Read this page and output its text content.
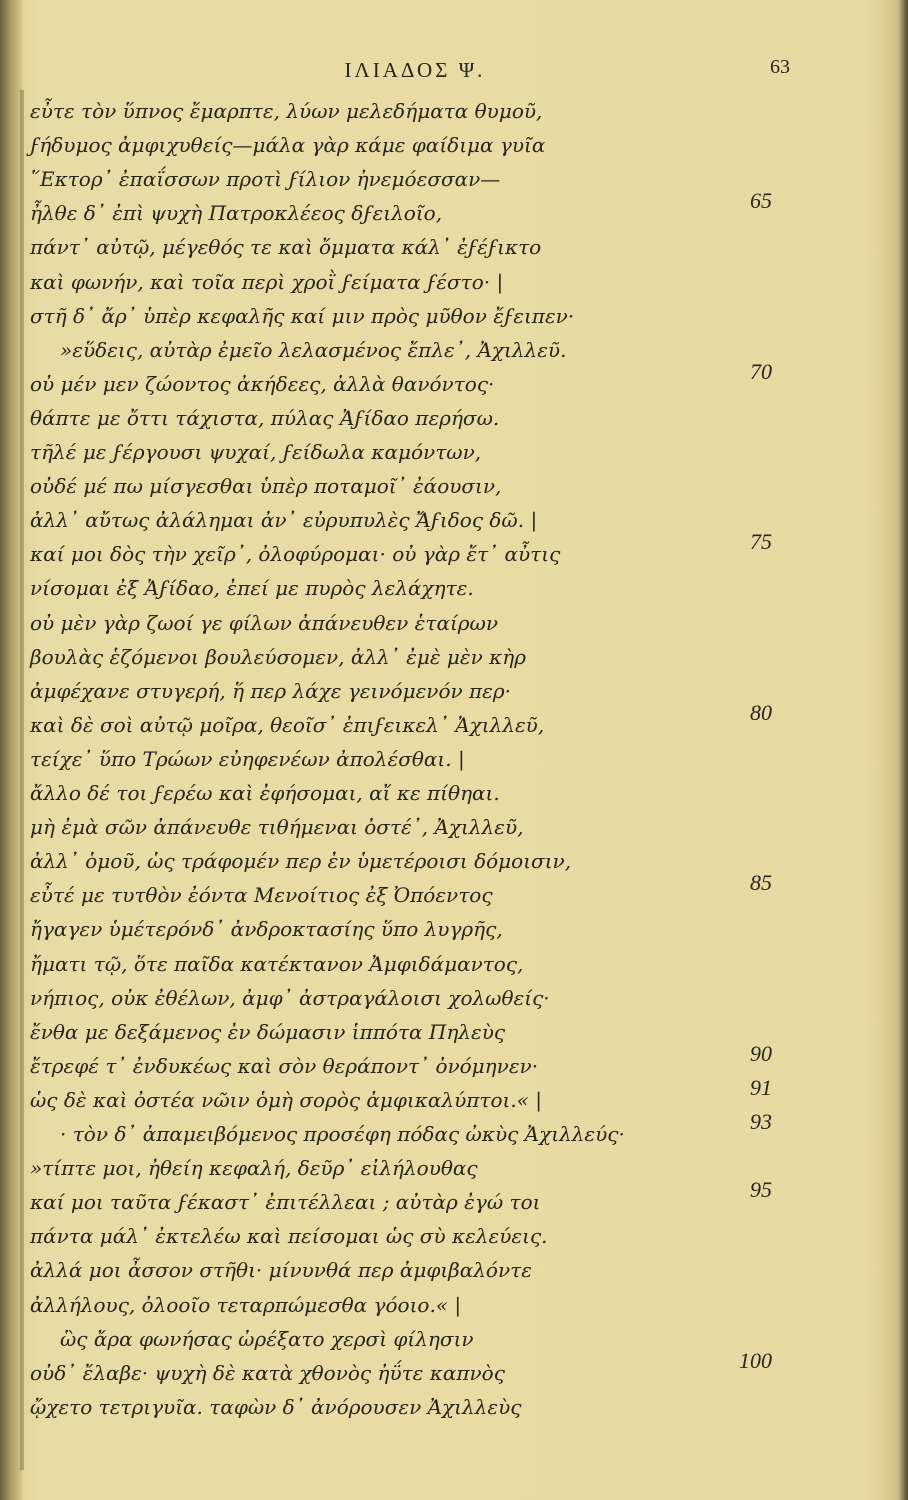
ΙΛΙΑΔΟΣ Ψ.	63
εὖτε τὸν ὕπνος ἔμαρπτε, λύων μελεδήματα θυμοῦ,
ϝήδυμος ἀμφιχυθείς—μάλα γὰρ κάμε φαίδιμα γυῖα
῞Εκτορ᾽ ἐπαΐσσων προτὶ ϝίλιον ἠνεμόεσσαν—
ἦλθε δ᾽ ἐπὶ ψυχὴ Πατροκλέεος δϝειλοῖο,	65
πάντ᾽ αὐτῷ, μέγεθός τε καὶ ὄμματα κάλ᾽ ἐϝέϝικτο
καὶ φωνήν, καὶ τοῖα περὶ χροῒ ϝείματα ϝέστο· |
στῆ δ᾽ ἄρ᾽ ὑπὲρ κεφαλῆς καί μιν πρὸς μῦθον ἔϝειπεν·
»εὕδεις, αὐτὰρ ἐμεῖο λελασμένος ἔπλε᾽, Ἀχιλλεῦ.
οὐ μέν μεν ζώοντος ἀκήδεες, ἀλλὰ θανόντος·	70
θάπτε με ὄττι τάχιστα, πύλας Ἀϝίδαο περήσω.
τῆλέ με ϝέργουσι ψυχαί, ϝείδωλα καμόντων,
οὐδέ μέ πω μίσγεσθαι ὑπὲρ ποταμοῖ᾽ ἐάουσιν,
ἀλλ᾽ αὔτως ἀλάλημαι ἀν᾽ εὐρυπυλὲς Ἄϝιδος δῶ. |
καί μοι δὸς τὴν χεῖρ᾽, ὀλοφύρομαι· οὐ γὰρ ἔτ᾽ αὖτις	75
νίσομαι ἐξ Ἀϝίδαο, ἐπεί με πυρὸς λελάχητε.
οὐ μὲν γὰρ ζωοί γε φίλων ἀπάνευθεν ἑταίρων
βουλὰς ἑζόμενοι βουλεύσομεν, ἀλλ᾽ ἐμὲ μὲν κὴρ
ἀμφέχανε στυγερή, ἥ περ λάχε γεινόμενόν περ·
καὶ δὲ σοὶ αὐτῷ μοῖρα, θεοῖσ᾽ ἐπιϝεικελ᾽ Ἀχιλλεῦ,	80
τείχε᾽ ὕπο Τρώων εὐηφενέων ἀπολέσθαι. |
ἄλλο δέ τοι ϝερέω καὶ ἐφήσομαι, αἴ κε πίθηαι.
μὴ ἐμὰ σῶν ἀπάνευθε τιθήμεναι ὀστέ᾽, Ἀχιλλεῦ,
ἀλλ᾽ ὁμοῦ, ὡς τράφομέν περ ἐν ὑμετέροισι δόμοισιν,
εὖτέ με τυτθὸν ἐόντα Μενοίτιος ἐξ Ὀπόεντος	85
ἤγαγεν ὑμέτερόνδ᾽ ἀνδροκτασίης ὕπο λυγρῆς,
ἤματι τῷ, ὅτε παῖδα κατέκτανον Ἀμφιδάμαντος,
νήπιος, οὐκ ἐθέλων, ἀμφ᾽ ἀστραγάλοισι χολωθείς·
ἔνθα με δεξάμενος ἐν δώμασιν ἱππότα Πηλεὺς
ἔτρεφέ τ᾽ ἐνδυκέως καὶ σὸν θεράποντ᾽ ὀνόμηνεν·	90
ὡς δὲ καὶ ὀστέα νῶιν ὁμὴ σορὸς ἀμφικαλύπτοι.« |	91
· τὸν δ᾽ ἀπαμειβόμενος προσέφη πόδας ὠκὺς Ἀχιλλεύς·	93
»τίπτε μοι, ἠθείη κεφαλή, δεῦρ᾽ εἰλήλουθας
καί μοι ταῦτα ϝέκαστ᾽ ἐπιτέλλεαι ; αὐτὰρ ἐγώ τοι	95
πάντα μάλ᾽ ἐκτελέω καὶ πείσομαι ὡς σὺ κελεύεις.
ἀλλά μοι ἆσσον στῆθι· μίνυνθά περ ἀμφιβαλόντε
ἀλλήλους, ὀλοοῖο τεταρπώμεσθα γόοιο.« |
ὣς ἄρα φωνήσας ὠρέξατο χερσὶ φίλησιν
οὐδ᾽ ἔλαβε· ψυχὴ δὲ κατὰ χθονὸς ἠΰτε καπνὸς	100
ᾤχετο τετριγυῖα. ταφὼν δ᾽ ἀνόρουσεν Ἀχιλλεὺς
